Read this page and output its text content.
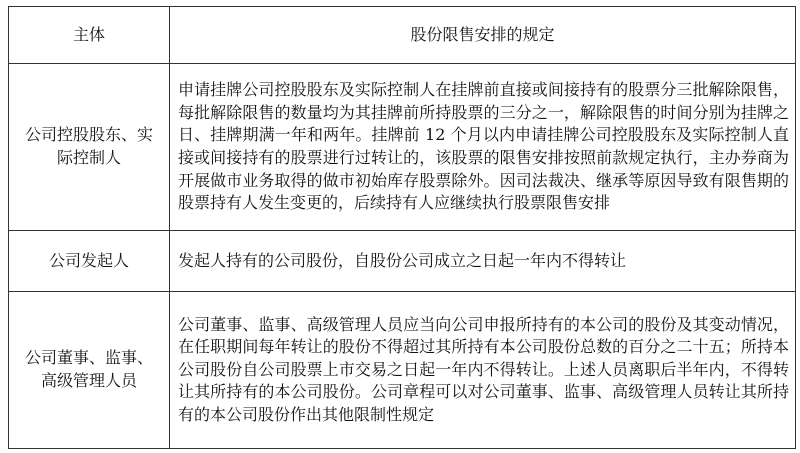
主体	股份限售安排的规定
公司控股股东、实
际控制人	申请挂牌公司控股股东及实际控制人在挂牌前直接或间接持有的股票分三批解除限售，每批解除限售的数量均为其挂牌前所持股票的三分之一，解除限售的时间分别为挂牌之日、挂牌期满一年和两年。挂牌前 12 个月以内申请挂牌公司控股股东及实际控制人直接或间接持有的股票进行过转让的，该股票的限售安排按照前款规定执行，主办券商为开展做市业务取得的做市初始库存股票除外。因司法裁决、继承等原因导致有限售期的股票持有人发生变更的，后续持有人应继续执行股票限售安排
公司发起人	发起人持有的公司股份，自股份公司成立之日起一年内不得转让
公司董事、监事、
高级管理人员	公司董事、监事、高级管理人员应当向公司申报所持有的本公司的股份及其变动情况，在任职期间每年转让的股份不得超过其所持有本公司股份总数的百分之二十五；所持本公司股份自公司股票上市交易之日起一年内不得转让。上述人员离职后半年内，不得转让其所持有的本公司股份。公司章程可以对公司董事、监事、高级管理人员转让其所持有的本公司股份作出其他限制性规定
